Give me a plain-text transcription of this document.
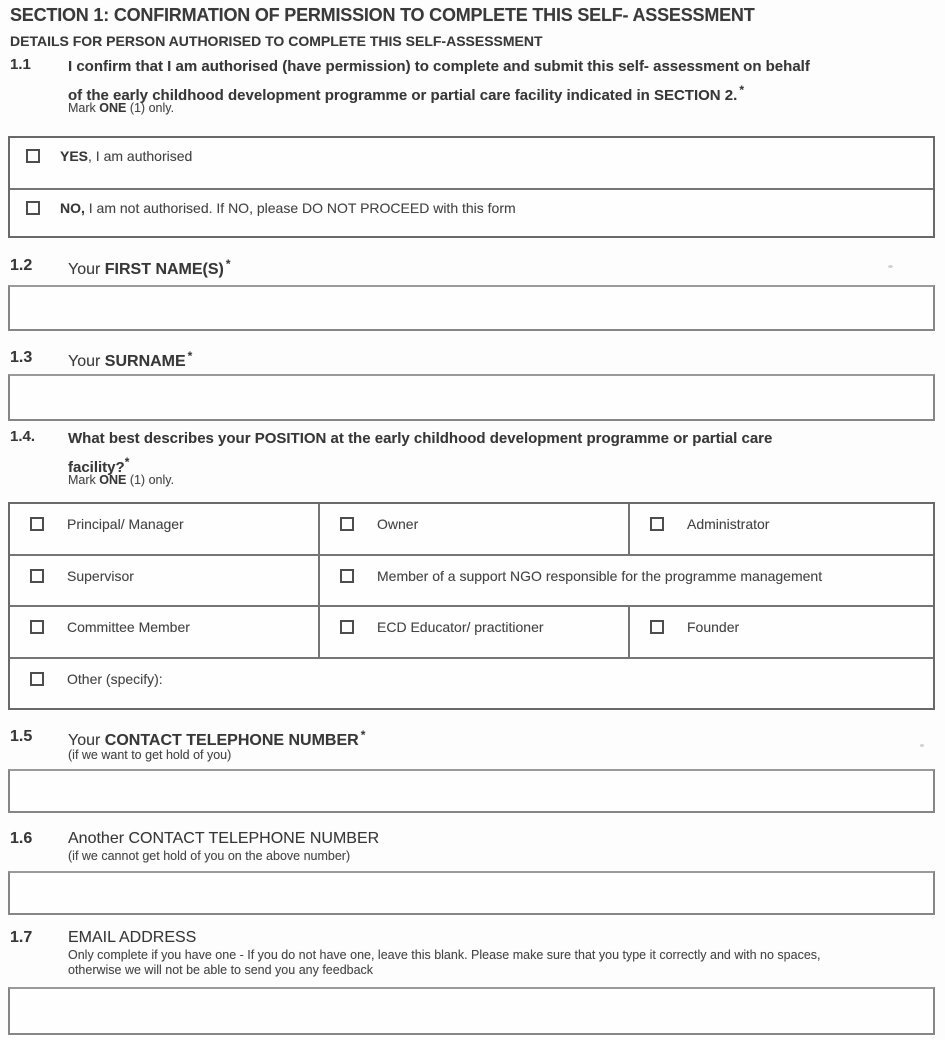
SECTION 1: CONFIRMATION OF PERMISSION TO COMPLETE THIS SELF- ASSESSMENT
DETAILS FOR PERSON AUTHORISED TO COMPLETE THIS SELF-ASSESSMENT
1.1 I confirm that I am authorised (have permission) to complete and submit this self- assessment on behalf
of the early childhood development programme or partial care facility indicated in SECTION 2. *
Mark ONE (1) only.
YES, I am authorised
NO, I am not authorised. If NO, please DO NOT PROCEED with this form
1.2 Your FIRST NAME(S) *
1.3 Your SURNAME *
1.4. What best describes your POSITION at the early childhood development programme or partial care
facility?*
Mark ONE (1) only.
Principal/ Manager	Owner	Administrator
Supervisor	Member of a support NGO responsible for the programme management
Committee Member	ECD Educator/ practitioner	Founder
Other (specify):
1.5 Your CONTACT TELEPHONE NUMBER *
(if we want to get hold of you)
1.6 Another CONTACT TELEPHONE NUMBER
(if we cannot get hold of you on the above number)
1.7 EMAIL ADDRESS
Only complete if you have one - If you do not have one, leave this blank. Please make sure that you type it correctly and with no spaces,
otherwise we will not be able to send you any feedback
